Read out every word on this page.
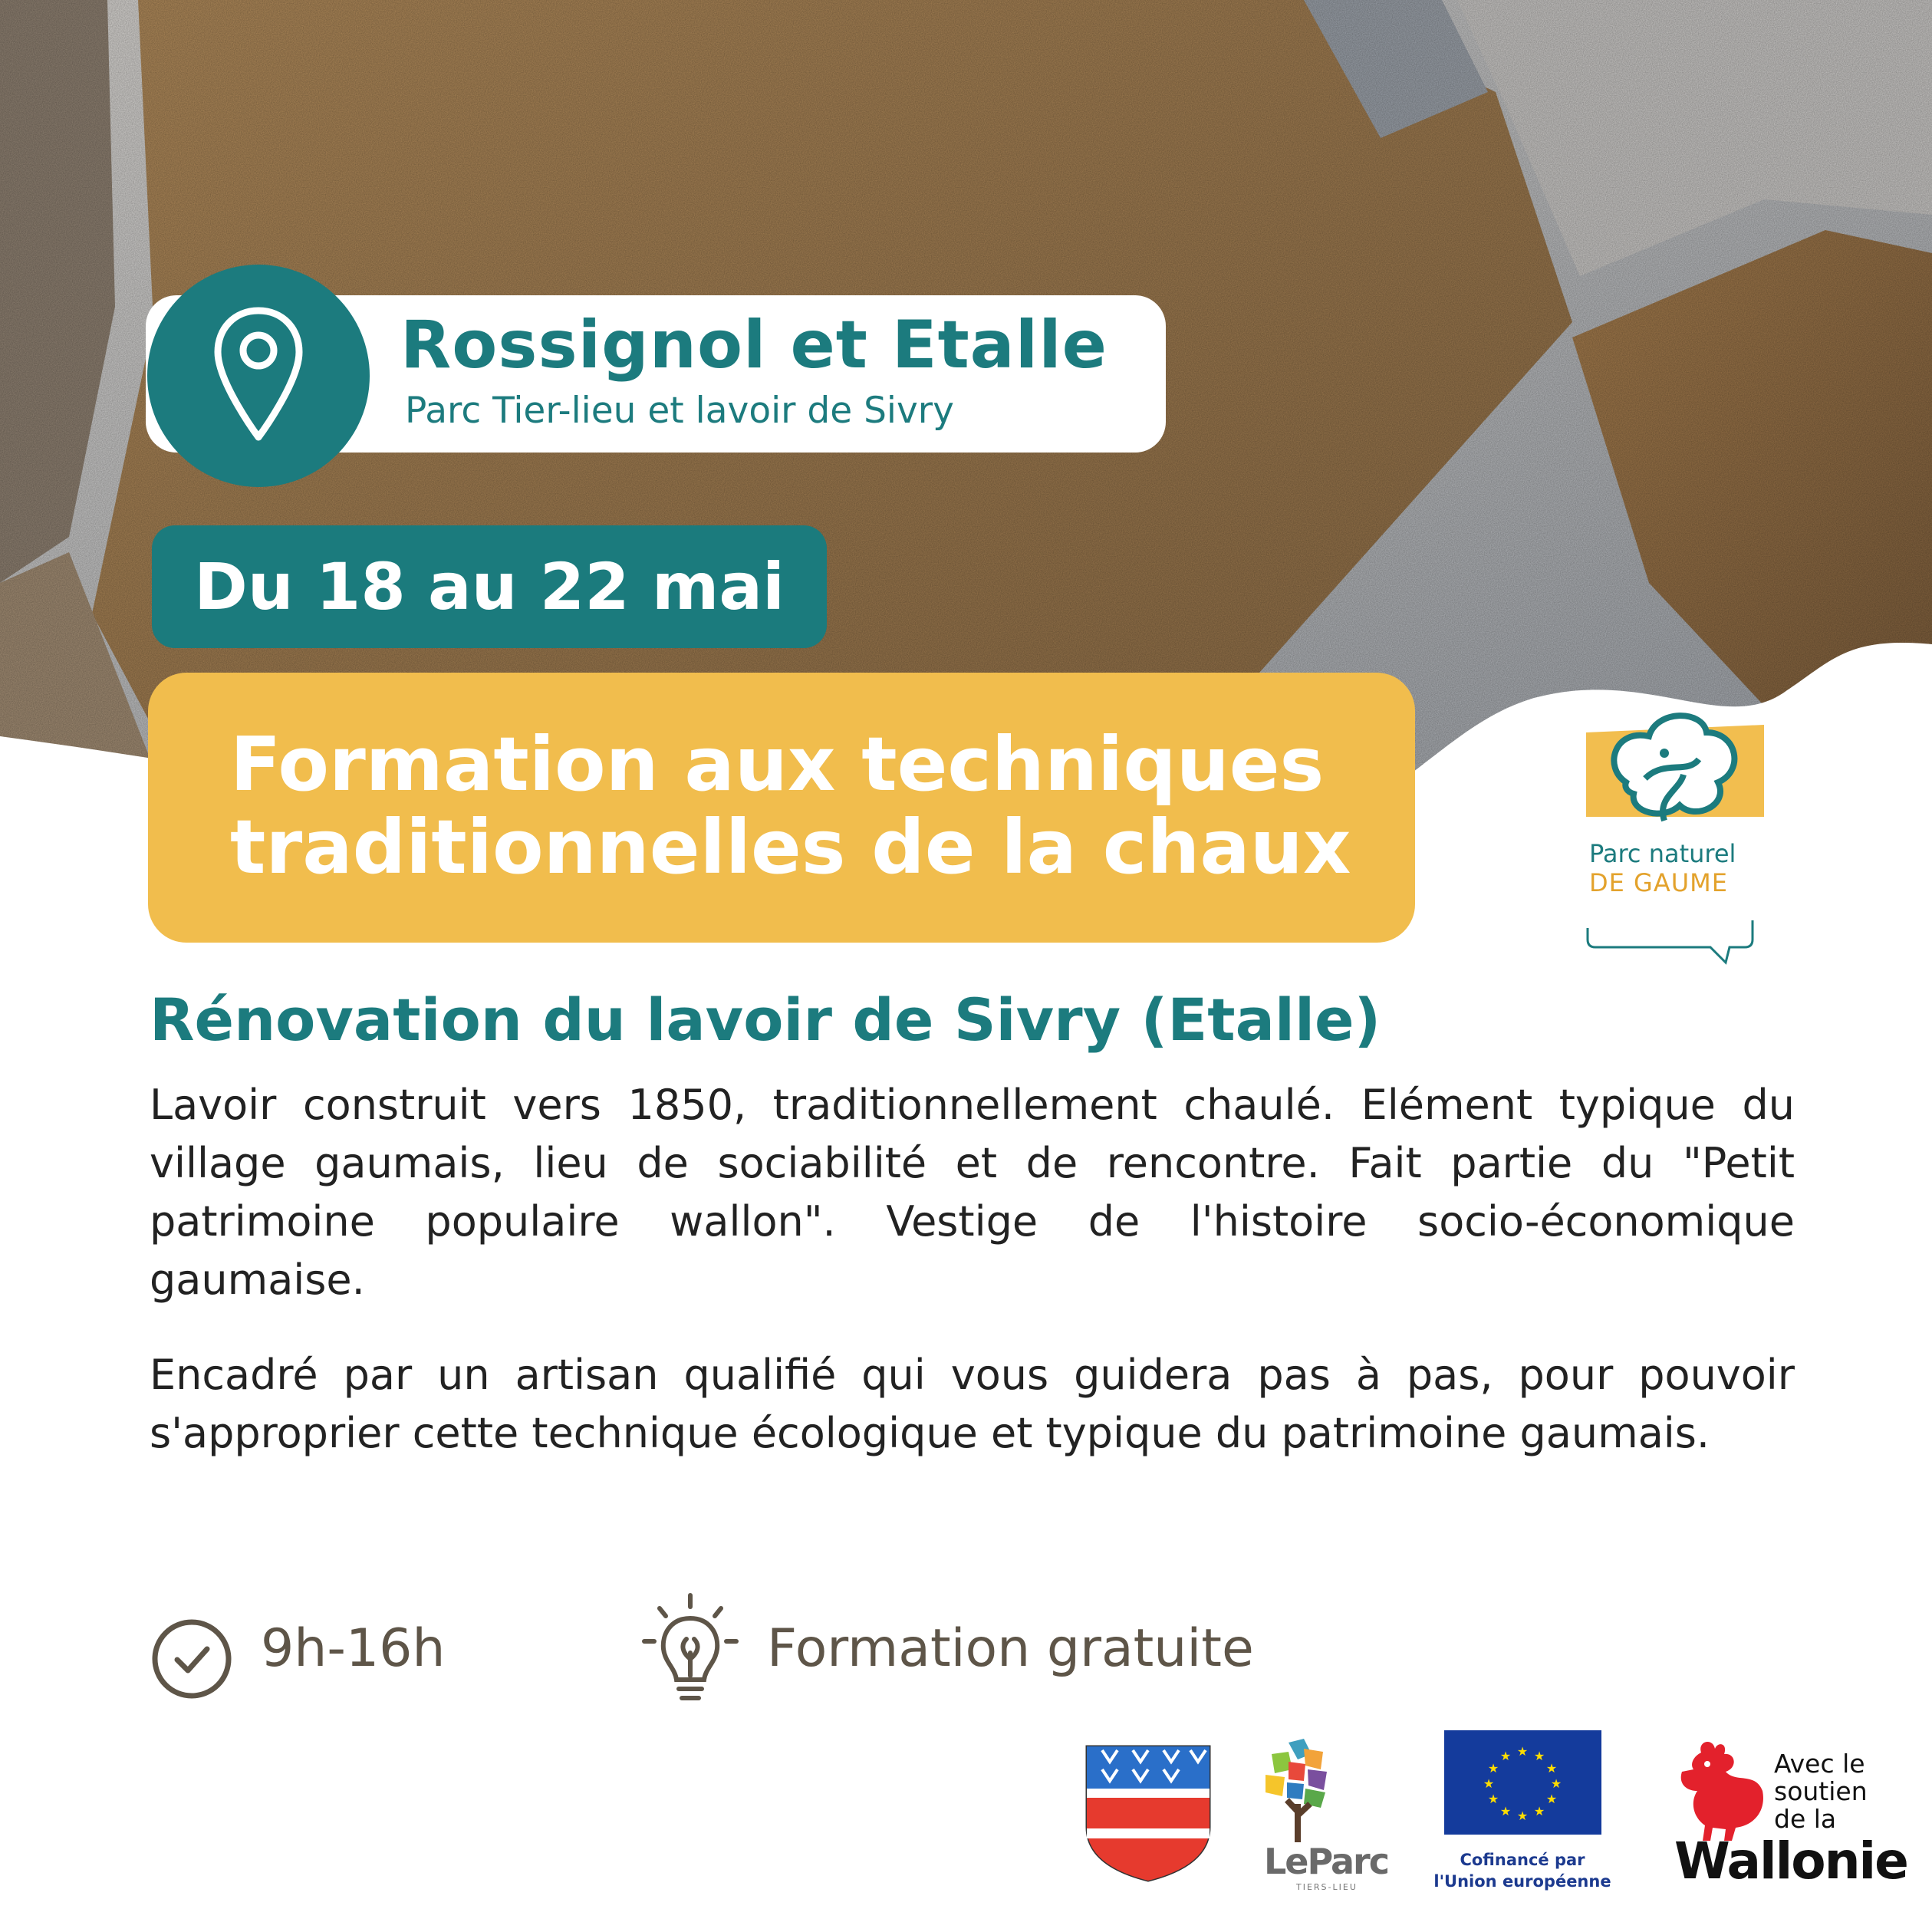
Rossignol et Etalle
Parc Tier-lieu et lavoir de Sivry
Du 18 au 22 mai
Formation aux techniques
traditionnelles de la chaux	Parc naturel
DE GAUME
Rénovation du lavoir de Sivry (Etalle)

Lavoir construit vers 1850, traditionnellement chaulé. Elément typique du village gaumais, lieu de sociabilité et de rencontre. Fait partie du "Petit patrimoine populaire wallon". Vestige de l'histoire socio-économique gaumaise.

Encadré par un artisan qualifié qui vous guidera pas à pas, pour pouvoir s'approprier cette technique écologique et typique du patrimoine gaumais.

9h-16h	Formation gratuite
LeParc
TIERS-LIEU
★ ★
★
★
★
★
★
★
★
★
★
★
Cofinancé par
l'Union européenne
Avec le
soutien
de la
Wallonie
